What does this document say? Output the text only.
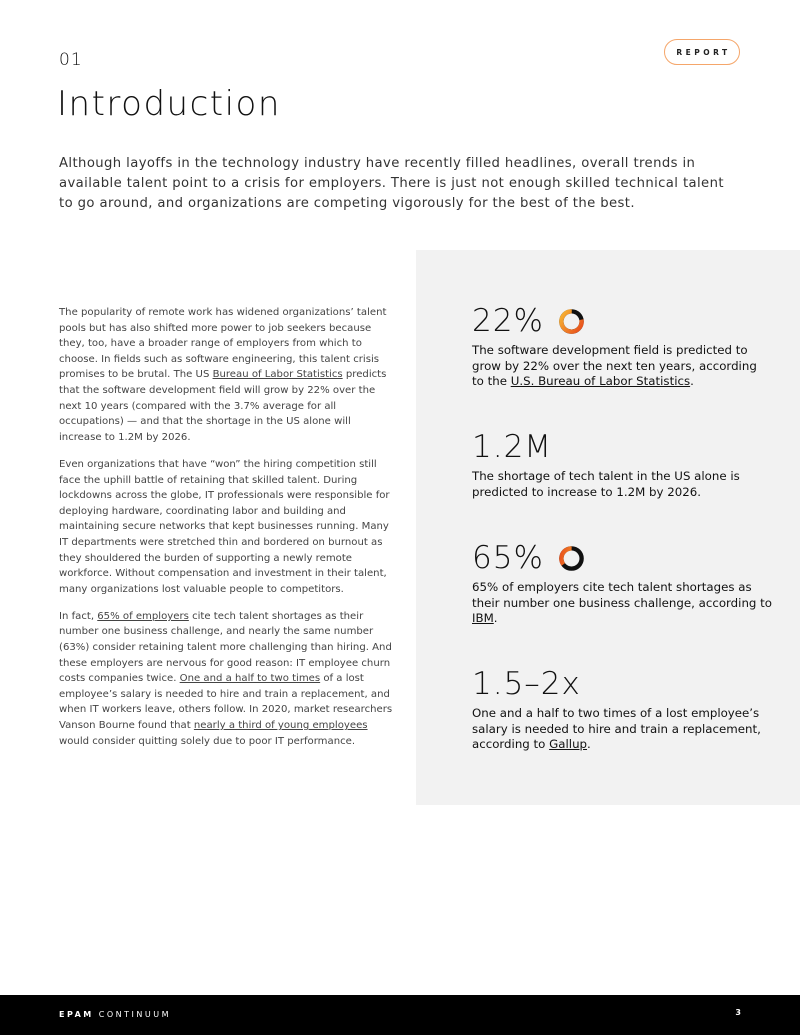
01	REPORT
Introduction

Although layoffs in the technology industry have recently filled headlines, overall trends in available talent point to a crisis for employers. There is just not enough skilled technical talent to go around, and organizations are competing vigorously for the best of the best.

The popularity of remote work has widened organizations’ talent pools but has also shifted more power to job seekers because they, too, have a broader range of employers from which to choose. In fields such as software engineering, this talent crisis promises to be brutal. The US Bureau of Labor Statistics predicts that the software development field will grow by 22% over the next 10 years (compared with the 3.7% average for all occupations) — and that the shortage in the US alone will increase to 1.2M by 2026.

Even organizations that have “won” the hiring competition still face the uphill battle of retaining that skilled talent. During lockdowns across the globe, IT professionals were responsible for deploying hardware, coordinating labor and building and maintaining secure networks that kept businesses running. Many IT departments were stretched thin and bordered on burnout as they shouldered the burden of supporting a newly remote workforce. Without compensation and investment in their talent, many organizations lost valuable people to competitors.

In fact, 65% of employers cite tech talent shortages as their number one business challenge, and nearly the same number (63%) consider retaining talent more challenging than hiring. And these employers are nervous for good reason: IT employee churn costs companies twice. One and a half to two times of a lost employee’s salary is needed to hire and train a replacement, and when IT workers leave, others follow. In 2020, market researchers Vanson Bourne found that nearly a third of young employees would consider quitting solely due to poor IT performance.

22%
The software development field is predicted to grow by 22% over the next ten years, according to the U.S. Bureau of Labor Statistics.
1.2M
The shortage of tech talent in the US alone is predicted to increase to 1.2M by 2026.
65%
65% of employers cite tech talent shortages as their number one business challenge, according to IBM.
1.5–2x
One and a half to two times of a lost employee’s salary is needed to hire and train a replacement, according to Gallup.
EPAM CONTINUUM	3
